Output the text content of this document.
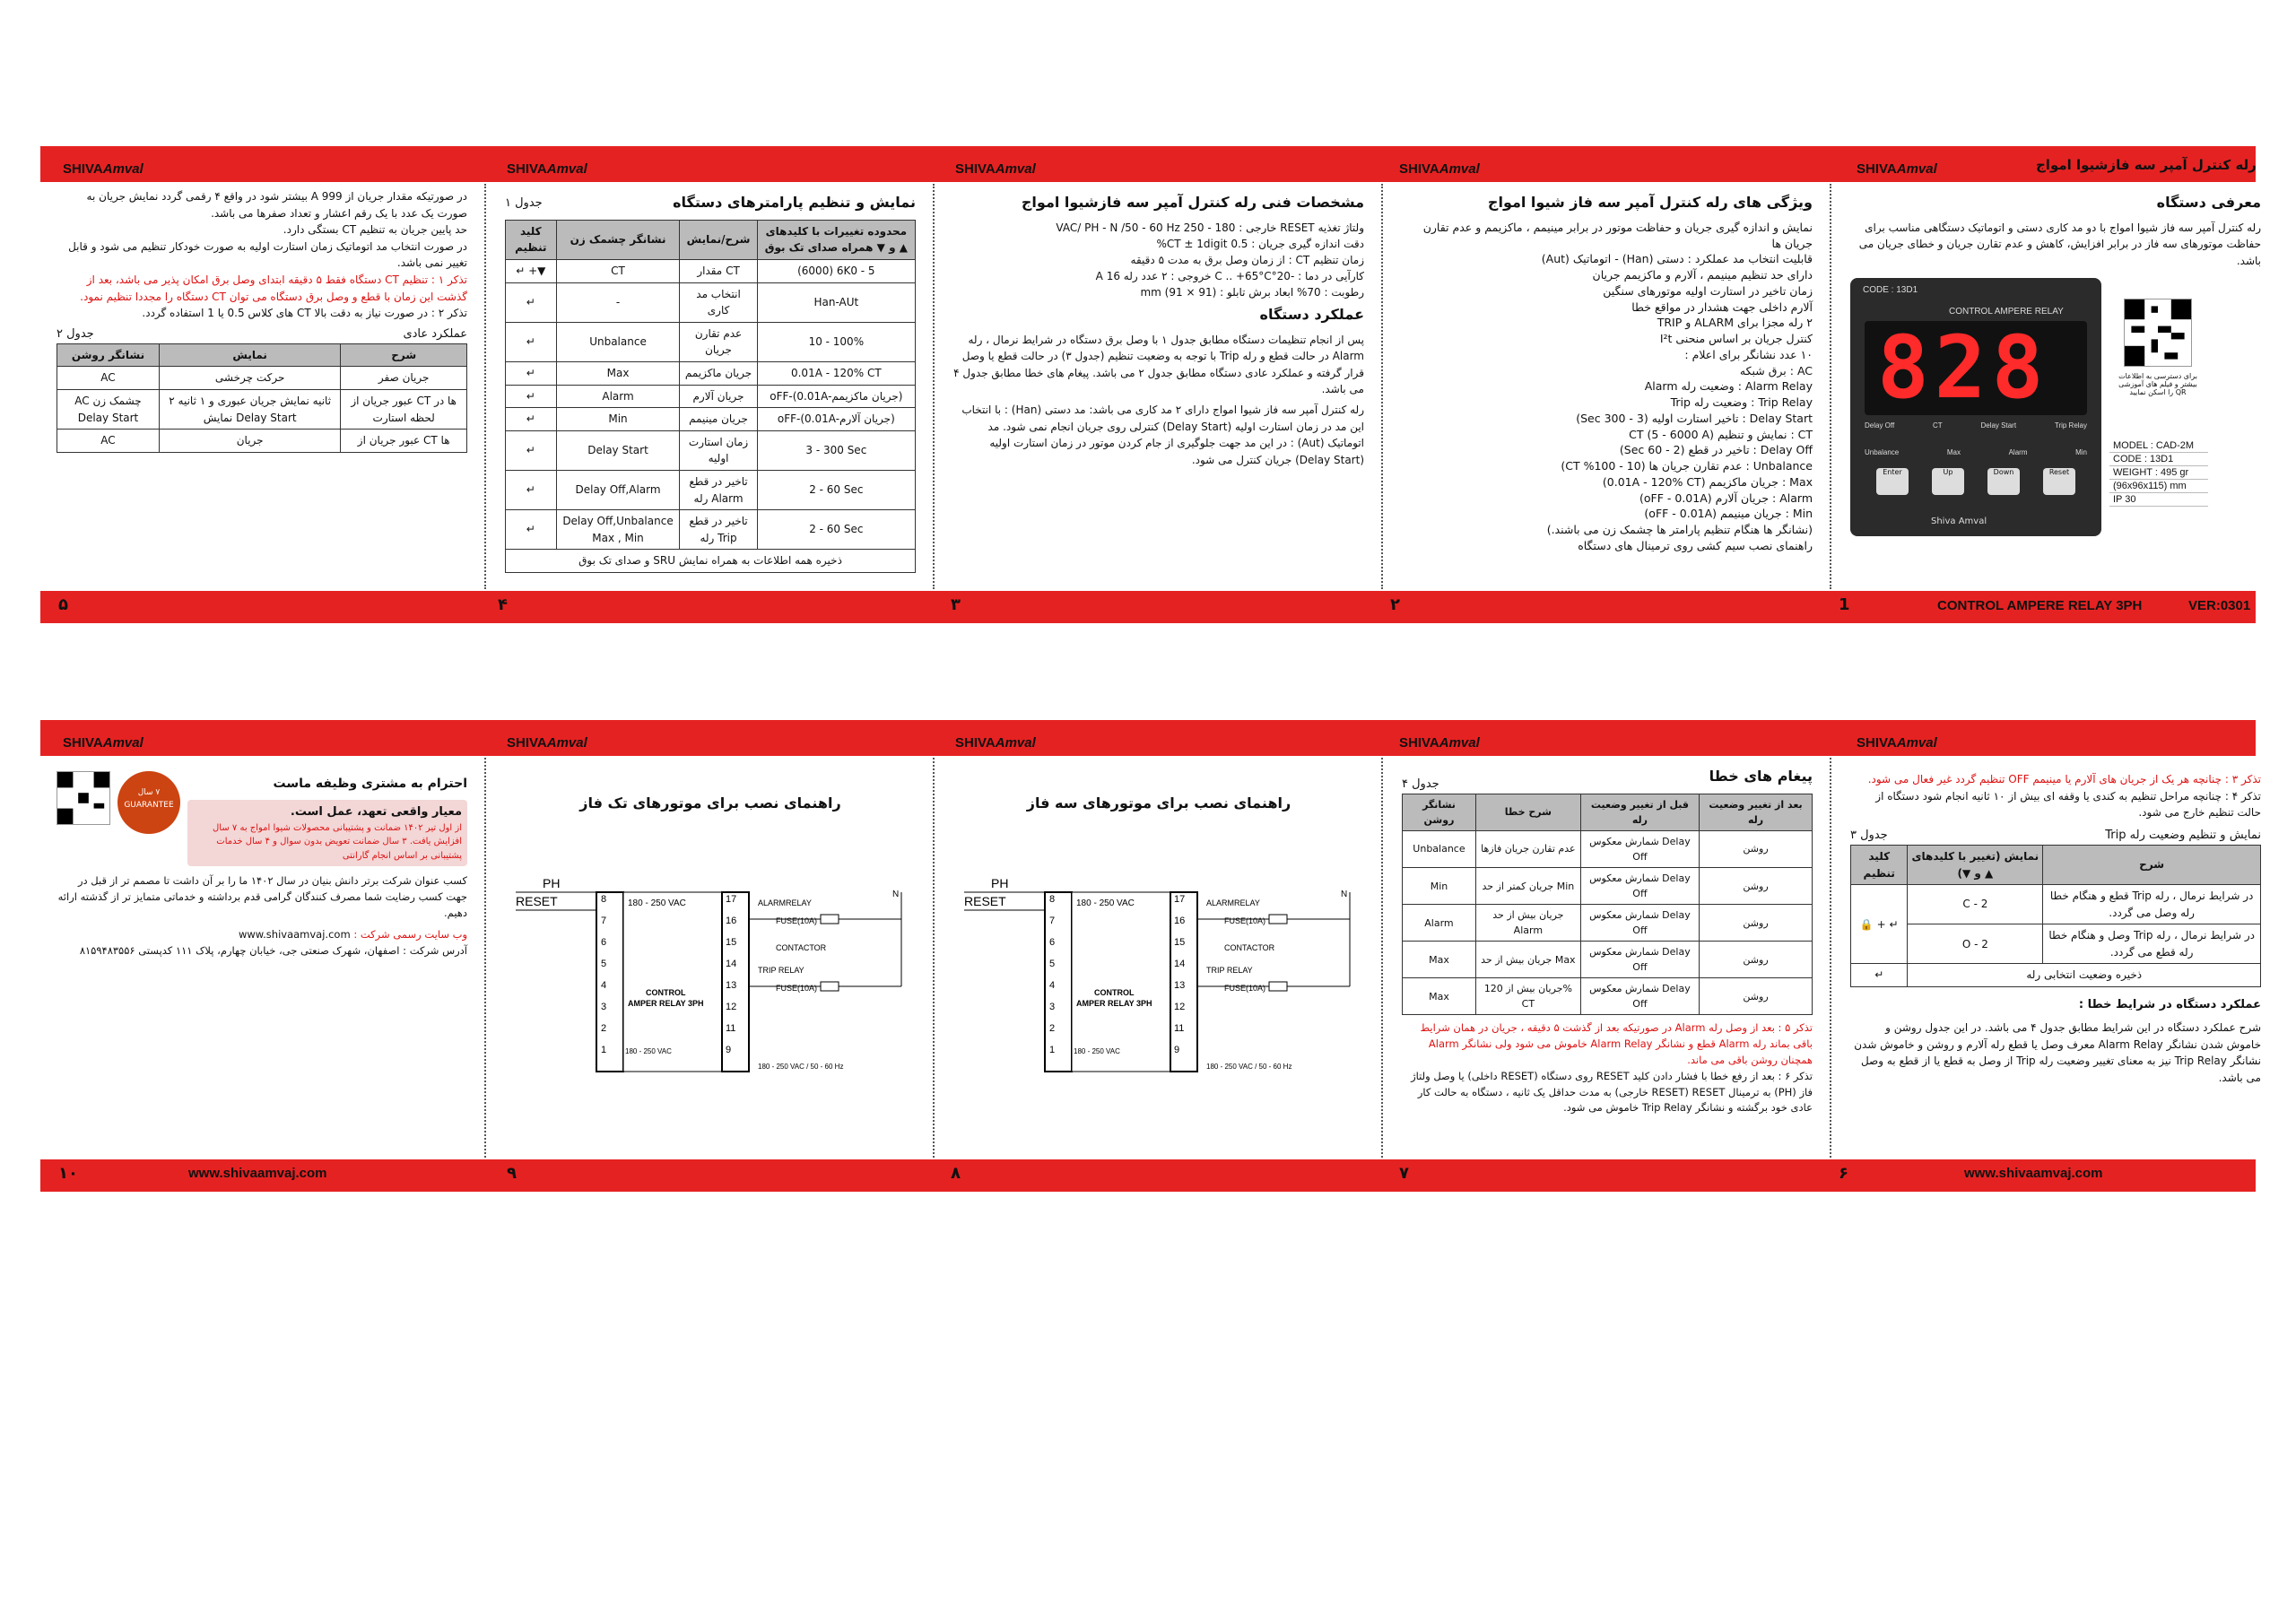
SHIVAAmval
SHIVAAmval
SHIVAAmval
SHIVAAmval
SHIVAAmval	رله کنترل آمپر سه فازشیوا امواج
VER:0301
CONTROL AMPERE RELAY 3PH
1
۲
۳
۴
۵
معرفی دستگاه

رله کنترل آمپر سه فاز شیوا امواج با دو مد کاری دستی و اتوماتیک دستگاهی مناسب برای حفاظت موتورهای سه فاز در برابر افزایش، کاهش و عدم تقارن جریان و خطای جریان می باشد.

CODE : 13D1
CONTROL AMPERE RELAY
828
Delay Off	CT	Delay Start	Trip Relay
Unbalance	Max	Alarm	Min
Enter	Up	Down	Reset
Shiva Amval
برای دسترسی به اطلاعات بیشتر و فیلم های آموزشی QR را اسکن نمایید
MODEL : CAD-2M
CODE : 13D1
WEIGHT : 495 gr
(96x96x115) mm
IP 30
ویژگی های رله کنترل آمپر سه فاز شیوا امواج
نمایش و اندازه گیری جریان و حفاظت موتور در برابر مینیمم ، ماکزیمم و عدم تقارن جریان ها
قابلیت انتخاب مد عملکرد : دستی (Han) - اتوماتیک (Aut)
دارای حد تنظیم مینیمم ، آلارم و ماکزیمم جریان
زمان تاخیر در استارت اولیه موتورهای سنگین
آلارم داخلی جهت هشدار در مواقع خطا
۲ رله مجزا برای ALARM و TRIP
کنترل جریان بر اساس منحنی I²t
۱۰ عدد نشانگر برای اعلام :
AC : برق شبکه
Alarm Relay : وضعیت رله Alarm
Trip Relay : وضعیت رله Trip
Delay Start : تاخیر استارت اولیه (3 - 300 Sec)
CT : نمایش و تنظیم CT (5 - 6000 A)
Delay Off : تاخیر در قطع (2 - 60 Sec)
Unbalance : عدم تقارن جریان ها (10 - 100% CT)
Max : جریان ماکزیمم (0.01A - 120% CT)
Alarm : جریان آلارم (oFF - 0.01A)
Min : جریان مینیمم (oFF - 0.01A)
(نشانگر ها هنگام تنظیم پارامتر ها چشمک زن می باشند.)
راهنمای نصب سیم کشی روی ترمینال های دستگاه
مشخصات فنی رله کنترل آمپر سه فازشیوا امواج
ولتاژ تغذیه RESET خارجی : 180 - 250 VAC/ PH - N /50 - 60 Hz
دقت اندازه گیری جریان : 0.5 CT ± 1digit%
زمان تنظیم CT : از زمان وصل برق به مدت ۵ دقیقه
کارآیی در دما : -20°C .. +65°C خروجی : ۲ عدد رله 16 A
رطوبت : 70% ابعاد برش تابلو : (91 × 91) mm
عملکرد دستگاه

پس از انجام تنظیمات دستگاه مطابق جدول ۱ با وصل برق دستگاه در شرایط نرمال ، رله Alarm در حالت قطع و رله Trip با توجه به وضعیت تنظیم (جدول ۳) در حالت قطع یا وصل قرار گرفته و عملکرد عادی دستگاه مطابق جدول ۲ می باشد. پیغام های خطا مطابق جدول ۴ می باشد.

رله کنترل آمپر سه فاز شیوا امواج دارای ۲ مد کاری می باشد: مد دستی (Han) : با انتخاب این مد در زمان استارت اولیه (Delay Start) کنترلی روی جریان انجام نمی شود. مد اتوماتیک (Aut) : در این مد جهت جلوگیری از جام کردن موتور در زمان استارت اولیه (Delay Start) جریان کنترل می شود.

نمایش و تنظیم پارامترهای دستگاه
جدول ۱
کلید تنظیم	نشانگر چشمک زن	شرح/نمایش	محدوده تغییرات با کلیدهای ▲ و ▼ همراه صدای تک بوق
↵ +▼	CT	مقدار CT	(6000) 6K0 - 5
↵	-	انتخاب مد کاری	Han-AUt
↵	Unbalance	عدم تقارن جریان	10 - 100%
↵	Max	جریان ماکزیمم	0.01A - 120% CT
↵	Alarm	جریان آلارم	oFF-(0.01A-جریان ماکزیمم)
↵	Min	جریان مینیمم	oFF-(0.01A-جریان آلارم)
↵	Delay Start	زمان استارت اولیه	3 - 300 Sec
↵	Delay Off,Alarm	تاخیر در قطع رله Alarm	2 - 60 Sec
↵	Delay Off,Unbalance Max , Min	تاخیر در قطع رله Trip	2 - 60 Sec
ذخیره همه اطلاعات به همراه نمایش SRU و صدای تک بوق			

در صورتیکه مقدار جریان از A 999 بیشتر شود در واقع ۴ رقمی گردد نمایش جریان به صورت یک عدد با یک رقم اعشار و تعداد صفرها می باشد.

حد پایین جریان به تنظیم CT بستگی دارد.

در صورت انتخاب مد اتوماتیک زمان استارت اولیه به صورت خودکار تنظیم می شود و قابل تغییر نمی باشد.

تذکر ۱ : تنظیم CT دستگاه فقط ۵ دقیقه ابتدای وصل برق امکان پذیر می باشد، بعد از گذشت این زمان با قطع و وصل برق دستگاه می توان CT دستگاه را مجددا تنظیم نمود.

تذکر ۲ : در صورت نیاز به دقت بالا CT های کلاس 0.5 یا 1 استفاده گردد.

عملکرد عادی
جدول ۲
نشانگر روشن	نمایش	شرح
AC	حرکت چرخشی	جریان صفر
AC چشمک زن Delay Start	۲ ثانیه نمایش جریان عبوری و ۱ ثانیه نمایش Delay Start	عبور جریان از CT ها در لحظه استارت
AC	جریان	عبور جریان از CT ها
SHIVAAmval
SHIVAAmval
SHIVAAmval
SHIVAAmval
SHIVAAmval
www.shivaamvaj.com
۶
۷
۸
۹
www.shivaamvaj.com
۱۰

تذکر ۳ : چنانچه هر یک از جریان های آلارم یا مینیمم OFF تنظیم گردد غیر فعال می شود.

تذکر ۴ : چنانچه مراحل تنظیم به کندی یا وقفه ای بیش از ۱۰ ثانیه انجام شود دستگاه از حالت تنظیم خارج می شود.

نمایش و تنظیم وضعیت رله Trip
جدول ۳
شرح	نمایش (تغییر با کلیدهای ▲ و ▼)	کلید تنظیم
در شرایط نرمال ، رله Trip قطع و هنگام خطا رله وصل می گردد.	C - 2	↵ + 🔒
در شرایط نرمال ، رله Trip وصل و هنگام خطا رله قطع می گردد.	O - 2	
ذخیره وضعیت انتخابی رله		↵
عملکرد دستگاه در شرایط خطا :

شرح عملکرد دستگاه در این شرایط مطابق جدول ۴ می باشد. در این جدول روشن و خاموش شدن نشانگر Alarm Relay معرف وصل یا قطع رله آلارم و روشن و خاموش شدن نشانگر Trip Relay نیز به معنای تغییر وضعیت رله Trip از وصل به قطع یا از قطع به وصل می باشد.

پیغام های خطا
جدول ۴
نشانگر روشن	شرح خطا	قبل از تغییر وضعیت رله	بعد از تغییر وضعیت رله
Unbalance	عدم تقارن جریان فازها	شمارش معکوس Delay Off	روشن
Min	جریان کمتر از حد Min	شمارش معکوس Delay Off	روشن
Alarm	جریان بیش از حد Alarm	شمارش معکوس Delay Off	روشن
Max	جریان بیش از حد Max	شمارش معکوس Delay Off	روشن
Max	جریان بیش از 120% CT	شمارش معکوس Delay Off	روشن

تذکر ۵ : بعد از وصل رله Alarm در صورتیکه بعد از گذشت ۵ دقیقه ، جریان در همان شرایط باقی بماند رله Alarm قطع و نشانگر Alarm Relay خاموش می شود ولی نشانگر Alarm همچنان روشن باقی می ماند.

تذکر ۶ : بعد از رفع خطا با فشار دادن کلید RESET روی دستگاه (RESET داخلی) یا وصل ولتاژ فاز (PH) به ترمینال RESET (RESET خارجی) به مدت حداقل یک ثانیه ، دستگاه به حالت کار عادی خود برگشته و نشانگر Trip Relay خاموش می شود.

راهنمای نصب برای موتورهای سه فاز
PH
RESET	180 - 250 VAC
CONTROL
AMPER RELAY 3PH
180 - 250 VAC
ALARMRELAY
CONTACTOR
TRIP RELAY
FUSE(10A)
FUSE(10A)
180 - 250 VAC / 50 - 60 Hz
N
8
7
6
5
4
3
2
1
17
16
15
14
13
12
11
9
راهنمای نصب برای موتورهای تک فاز
PH
RESET	180 - 250 VAC
CONTROL
AMPER RELAY 3PH
180 - 250 VAC
ALARMRELAY
CONTACTOR
TRIP RELAY
FUSE(10A)
FUSE(10A)
180 - 250 VAC / 50 - 60 Hz
N
8
7
6
5
4
3
2
1
17
16
15
14
13
12
11
9
احترام به مشتری وظیفه ماست
معیار واقعی تعهد، عمل است.
از اول تیر ۱۴۰۲ ضمانت و پشتیبانی محصولات شیوا امواج به ۷ سال افزایش یافت. ۳ سال ضمانت تعویض بدون سوال و ۴ سال خدمات پشتیبانی بر اساس انجام گارانتی
۷ سال
GUARANTEE

کسب عنوان شرکت برتر دانش بنیان در سال ۱۴۰۲ ما را بر آن داشت تا مصمم تر از قبل در جهت کسب رضایت شما مصرف کنندگان گرامی قدم برداشته و خدماتی متمایز تر از گذشته ارائه دهیم.

وب سایت رسمی شرکت : www.shivaamvaj.com

آدرس شرکت : اصفهان، شهرک صنعتی جی، خیابان چهارم، پلاک ۱۱۱ کدپستی ۸۱۵۹۴۸۳۵۵۶
